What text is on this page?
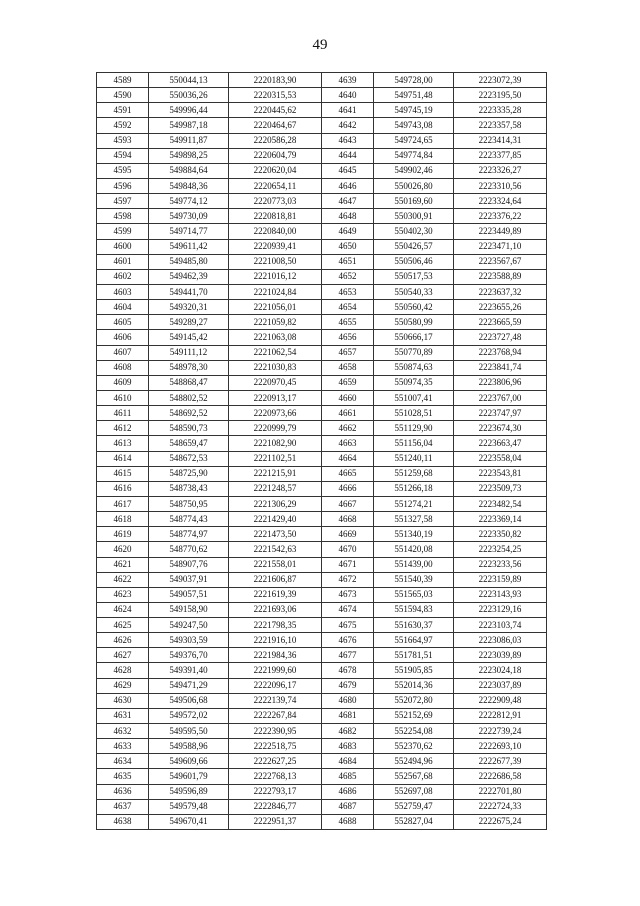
49
4589	550044,13	2220183,90	4639	549728,00	2223072,39
4590	550036,26	2220315,53	4640	549751,48	2223195,50
4591	549996,44	2220445,62	4641	549745,19	2223335,28
4592	549987,18	2220464,67	4642	549743,08	2223357,58
4593	549911,87	2220586,28	4643	549724,65	2223414,31
4594	549898,25	2220604,79	4644	549774,84	2223377,85
4595	549884,64	2220620,04	4645	549902,46	2223326,27
4596	549848,36	2220654,11	4646	550026,80	2223310,56
4597	549774,12	2220773,03	4647	550169,60	2223324,64
4598	549730,09	2220818,81	4648	550300,91	2223376,22
4599	549714,77	2220840,00	4649	550402,30	2223449,89
4600	549611,42	2220939,41	4650	550426,57	2223471,10
4601	549485,80	2221008,50	4651	550506,46	2223567,67
4602	549462,39	2221016,12	4652	550517,53	2223588,89
4603	549441,70	2221024,84	4653	550540,33	2223637,32
4604	549320,31	2221056,01	4654	550560,42	2223655,26
4605	549289,27	2221059,82	4655	550580,99	2223665,59
4606	549145,42	2221063,08	4656	550666,17	2223727,48
4607	549111,12	2221062,54	4657	550770,89	2223768,94
4608	548978,30	2221030,83	4658	550874,63	2223841,74
4609	548868,47	2220970,45	4659	550974,35	2223806,96
4610	548802,52	2220913,17	4660	551007,41	2223767,00
4611	548692,52	2220973,66	4661	551028,51	2223747,97
4612	548590,73	2220999,79	4662	551129,90	2223674,30
4613	548659,47	2221082,90	4663	551156,04	2223663,47
4614	548672,53	2221102,51	4664	551240,11	2223558,04
4615	548725,90	2221215,91	4665	551259,68	2223543,81
4616	548738,43	2221248,57	4666	551266,18	2223509,73
4617	548750,95	2221306,29	4667	551274,21	2223482,54
4618	548774,43	2221429,40	4668	551327,58	2223369,14
4619	548774,97	2221473,50	4669	551340,19	2223350,82
4620	548770,62	2221542,63	4670	551420,08	2223254,25
4621	548907,76	2221558,01	4671	551439,00	2223233,56
4622	549037,91	2221606,87	4672	551540,39	2223159,89
4623	549057,51	2221619,39	4673	551565,03	2223143,93
4624	549158,90	2221693,06	4674	551594,83	2223129,16
4625	549247,50	2221798,35	4675	551630,37	2223103,74
4626	549303,59	2221916,10	4676	551664,97	2223086,03
4627	549376,70	2221984,36	4677	551781,51	2223039,89
4628	549391,40	2221999,60	4678	551905,85	2223024,18
4629	549471,29	2222096,17	4679	552014,36	2223037,89
4630	549506,68	2222139,74	4680	552072,80	2222909,48
4631	549572,02	2222267,84	4681	552152,69	2222812,91
4632	549595,50	2222390,95	4682	552254,08	2222739,24
4633	549588,96	2222518,75	4683	552370,62	2222693,10
4634	549609,66	2222627,25	4684	552494,96	2222677,39
4635	549601,79	2222768,13	4685	552567,68	2222686,58
4636	549596,89	2222793,17	4686	552697,08	2222701,80
4637	549579,48	2222846,77	4687	552759,47	2222724,33
4638	549670,41	2222951,37	4688	552827,04	2222675,24
